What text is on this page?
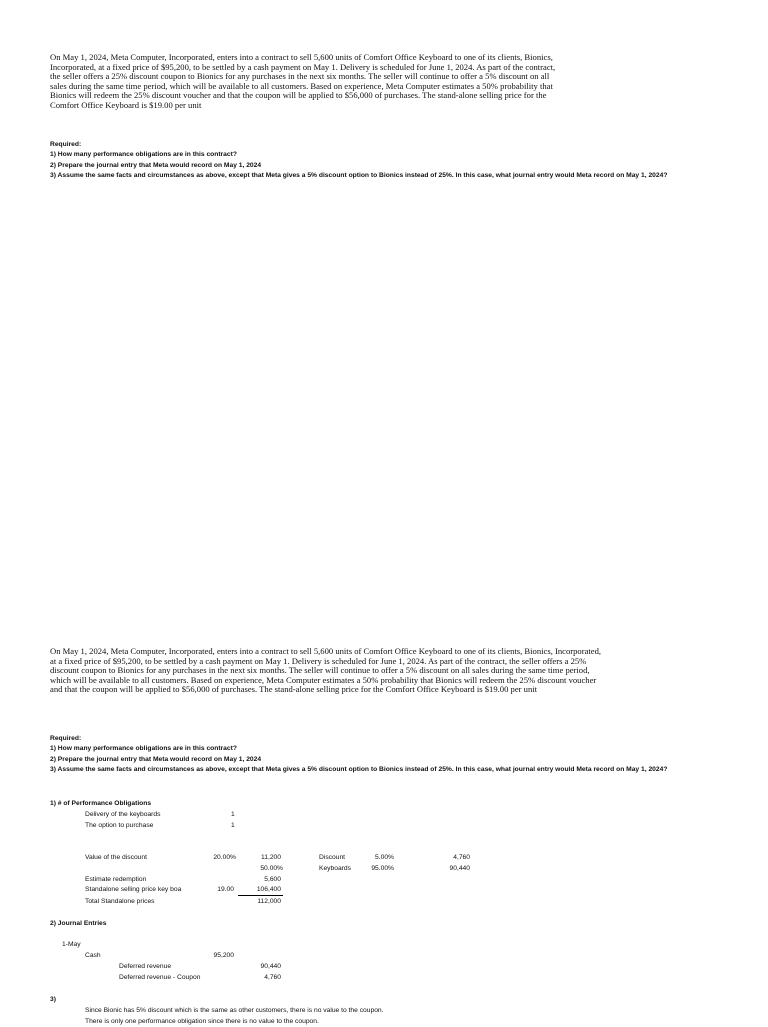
On May 1, 2024, Meta Computer, Incorporated, enters into a contract to sell 5,600 units of Comfort Office Keyboard to one of its clients, Bionics,
Incorporated, at a fixed price of $95,200, to be settled by a cash payment on May 1. Delivery is scheduled for June 1, 2024. As part of the contract,
the seller offers a 25% discount coupon to Bionics for any purchases in the next six months. The seller will continue to offer a 5% discount on all
sales during the same time period, which will be available to all customers. Based on experience, Meta Computer estimates a 50% probability that
Bionics will redeem the 25% discount voucher and that the coupon will be applied to $56,000 of purchases. The stand-alone selling price for the
Comfort Office Keyboard is $19.00 per unit
Required:
1) How many performance obligations are in this contract?
2) Prepare the journal entry that Meta would record on May 1, 2024
3) Assume the same facts and circumstances as above, except that Meta gives a 5% discount option to Bionics instead of 25%. In this case, what journal entry would Meta record on May 1, 2024?
On May 1, 2024, Meta Computer, Incorporated, enters into a contract to sell 5,600 units of Comfort Office Keyboard to one of its clients, Bionics, Incorporated,
at a fixed price of $95,200, to be settled by a cash payment on May 1. Delivery is scheduled for June 1, 2024. As part of the contract, the seller offers a 25%
discount coupon to Bionics for any purchases in the next six months. The seller will continue to offer a 5% discount on all sales during the same time period,
which will be available to all customers. Based on experience, Meta Computer estimates a 50% probability that Bionics will redeem the 25% discount voucher
and that the coupon will be applied to $56,000 of purchases. The stand-alone selling price for the Comfort Office Keyboard is $19.00 per unit
Required:
1) How many performance obligations are in this contract?
2) Prepare the journal entry that Meta would record on May 1, 2024
3) Assume the same facts and circumstances as above, except that Meta gives a 5% discount option to Bionics instead of 25%. In this case, what journal entry would Meta record on May 1, 2024?
1) # of Performance Obligations
Delivery of the keyboards	1
The option to purchase	1
Value of the discount	20.00%	11,200
50.00%
Estimate redemption	5,600
Standalone selling price key boa	19.00	106,400
Total Standalone prices	112,000
Discount	5.00%	4,760
Keyboards	95.00%	90,440
2) Journal Entries
1-May
Cash	95,200
Deferred revenue	90,440
Deferred revenue - Coupon	4,760
3)
Since Bionic has 5% discount which is the same as other customers, there is no value to the coupon.
There is only one performance obligation since there is no value to the coupon.
